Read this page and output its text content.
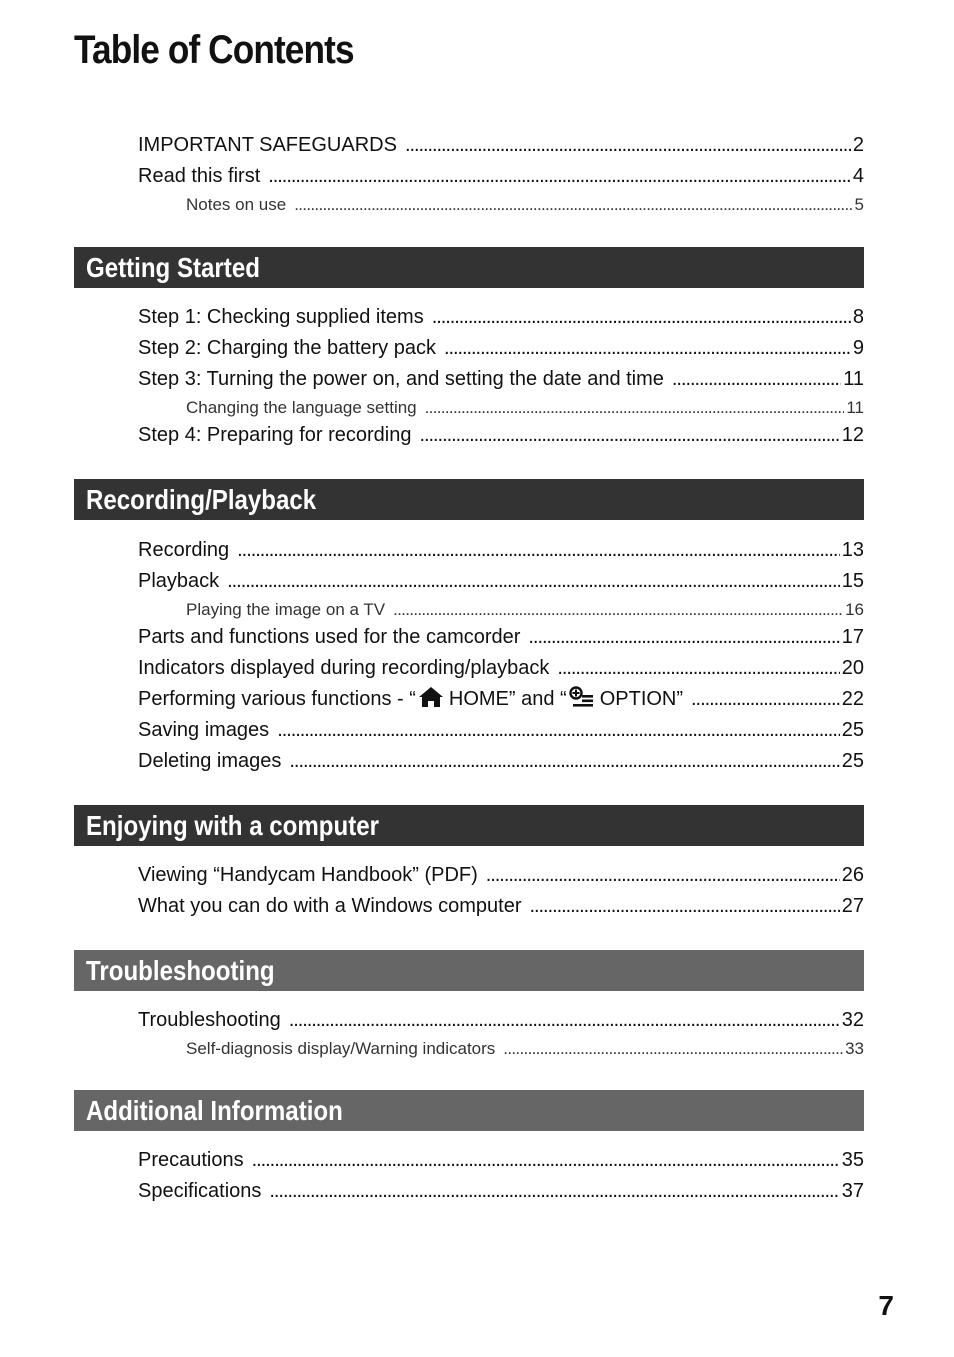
Table of Contents
IMPORTANT SAFEGUARDS . . .	2
Read this first . . .	4
Notes on use . . .	5
Getting Started
Step 1: Checking supplied items . . .	8
Step 2: Charging the battery pack . . .	9
Step 3: Turning the power on, and setting the date and time . . .	11
Changing the language setting . . .	11
Step 4: Preparing for recording . . .	12
Recording/Playback
Recording . . .	13
Playback . . .	15
Playing the image on a TV . . .	16
Parts and functions used for the camcorder . . .	17
Indicators displayed during recording/playback . . .	20
Performing various functions - “ HOME” and “ OPTION” . . .	22
Saving images . . .	25
Deleting images . . .	25
Enjoying with a computer
Viewing “Handycam Handbook” (PDF) . . .	26
What you can do with a Windows computer . . .	27
Troubleshooting
Troubleshooting . . .	32
Self-diagnosis display/Warning indicators . . .	33
Additional Information
Precautions . . .	35
Specifications . . .	37
7
